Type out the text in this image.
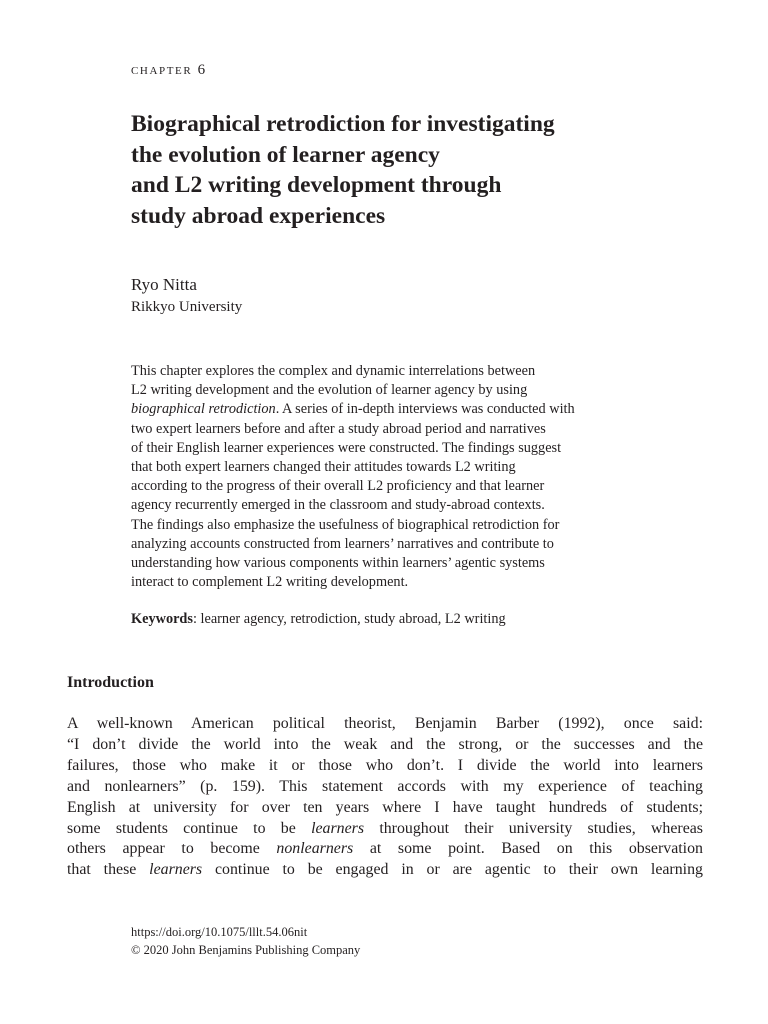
chapter 6
Biographical retrodiction for investigating
the evolution of learner agency
and L2 writing development through
study abroad experiences
Ryo Nitta
Rikkyo University
This chapter explores the complex and dynamic interrelations between
L2 writing development and the evolution of learner agency by using
biographical retrodiction. A series of in-depth interviews was conducted with
two expert learners before and after a study abroad period and narratives
of their English learner experiences were constructed. The findings suggest
that both expert learners changed their attitudes towards L2 writing
according to the progress of their overall L2 proficiency and that learner
agency recurrently emerged in the classroom and study-abroad contexts.
The findings also emphasize the usefulness of biographical retrodiction for
analyzing accounts constructed from learners’ narratives and contribute to
understanding how various components within learners’ agentic systems
interact to complement L2 writing development.
Keywords: learner agency, retrodiction, study abroad, L2 writing
Introduction
A well-known American political theorist, Benjamin Barber (1992), once said:
“I don’t divide the world into the weak and the strong, or the successes and the
failures, those who make it or those who don’t. I divide the world into learners
and nonlearners” (p. 159). This statement accords with my experience of teaching
English at university for over ten years where I have taught hundreds of students;
some students continue to be learners throughout their university studies, whereas
others appear to become nonlearners at some point. Based on this observation
that these learners continue to be engaged in or are agentic to their own learning
https://doi.org/10.1075/lllt.54.06nit
© 2020 John Benjamins Publishing Company
